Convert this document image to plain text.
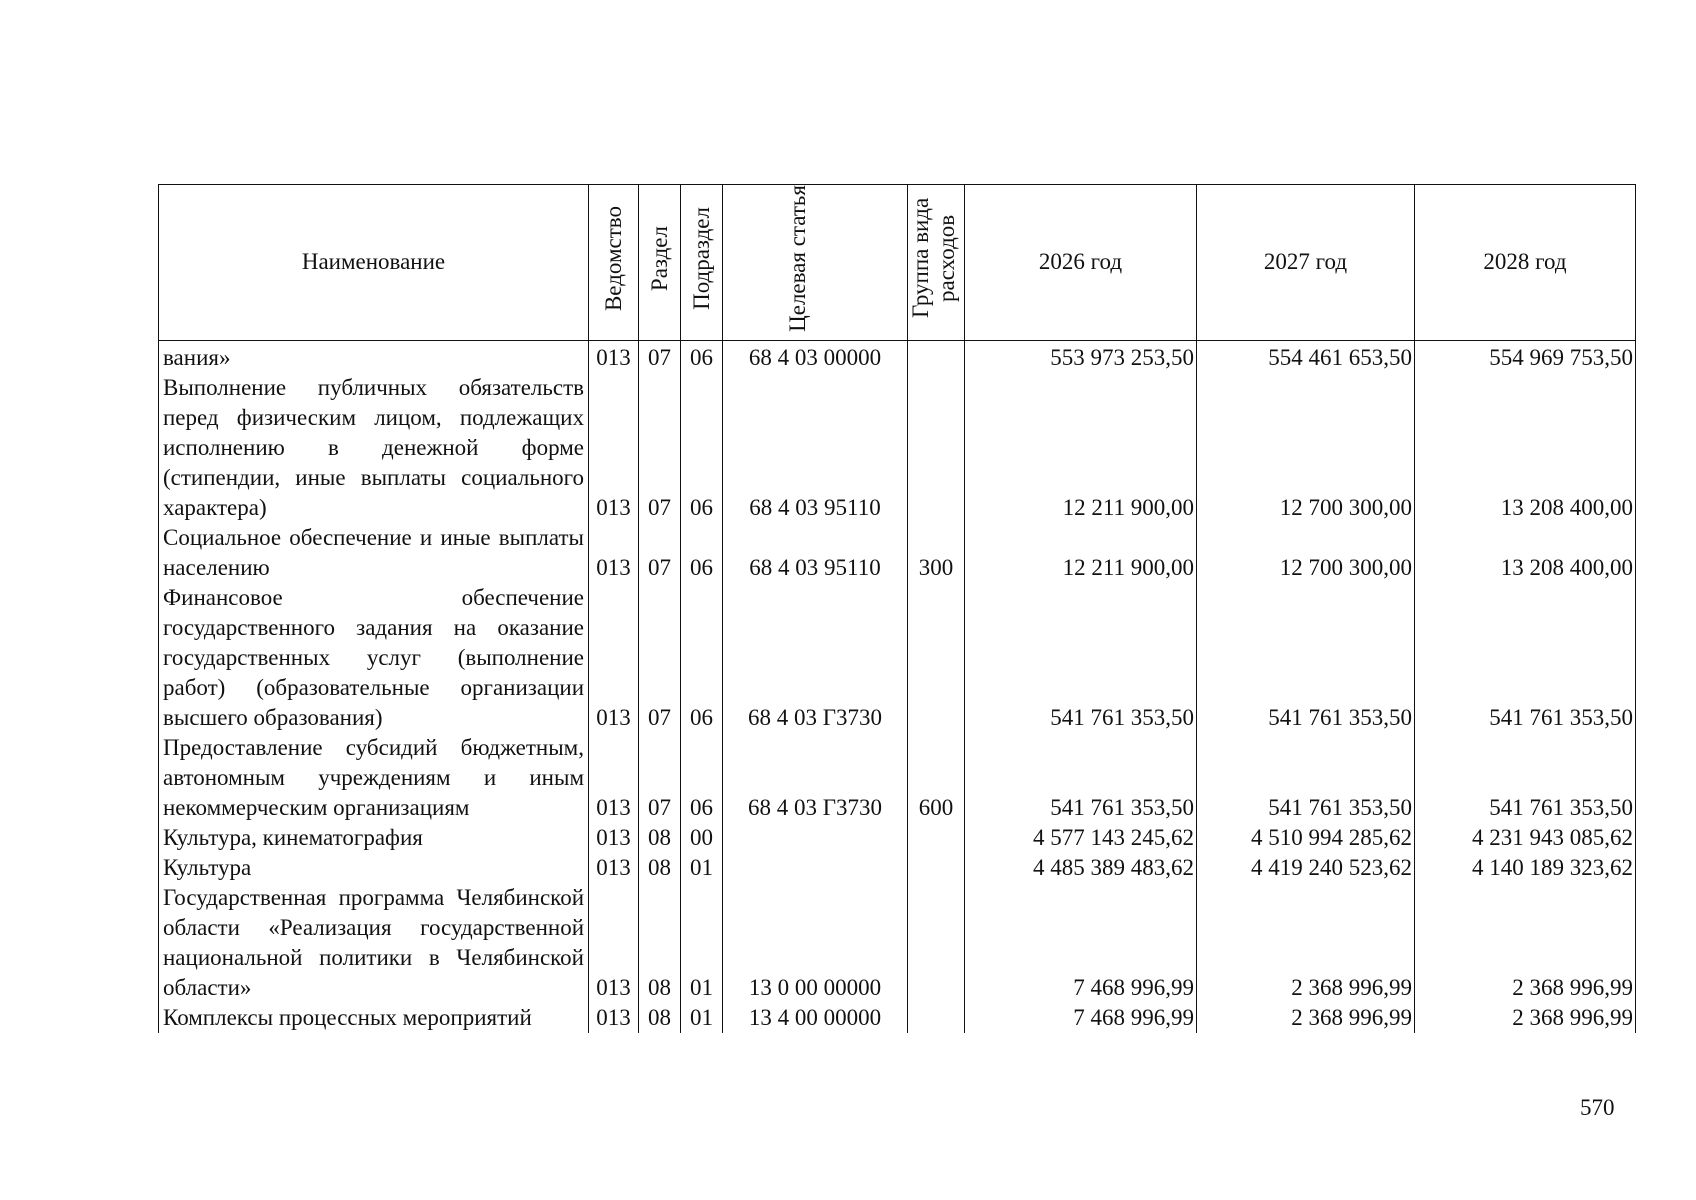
Наименование	Ведомство	Раздел	Подраздел	Целевая статья	Группа вида расходов	2026 год	2027 год	2028 год
вания»	013	07	06	68 4 03 00000		553 973 253,50	554 461 653,50	554 969 753,50
Выполнение публичных обязательств перед физическим лицом, подлежащих исполнению в денежной форме (стипендии, иные выплаты социального характера)	013	07	06	68 4 03 95110		12 211 900,00	12 700 300,00	13 208 400,00
Социальное обеспечение и иные выплаты населению	013	07	06	68 4 03 95110	300	12 211 900,00	12 700 300,00	13 208 400,00
Финансовое обеспечение государственного задания на оказание государственных услуг (выполнение работ) (образовательные организации высшего образования)	013	07	06	68 4 03 Г3730		541 761 353,50	541 761 353,50	541 761 353,50
Предоставление субсидий бюджетным, автономным учреждениям и иным некоммерческим организациям	013	07	06	68 4 03 Г3730	600	541 761 353,50	541 761 353,50	541 761 353,50
Культура, кинематография	013	08	00			4 577 143 245,62	4 510 994 285,62	4 231 943 085,62
Культура	013	08	01			4 485 389 483,62	4 419 240 523,62	4 140 189 323,62
Государственная программа Челябинской области «Реализация государственной национальной политики в Челябинской области»	013	08	01	13 0 00 00000		7 468 996,99	2 368 996,99	2 368 996,99
Комплексы процессных мероприятий	013	08	01	13 4 00 00000		7 468 996,99	2 368 996,99	2 368 996,99
570
